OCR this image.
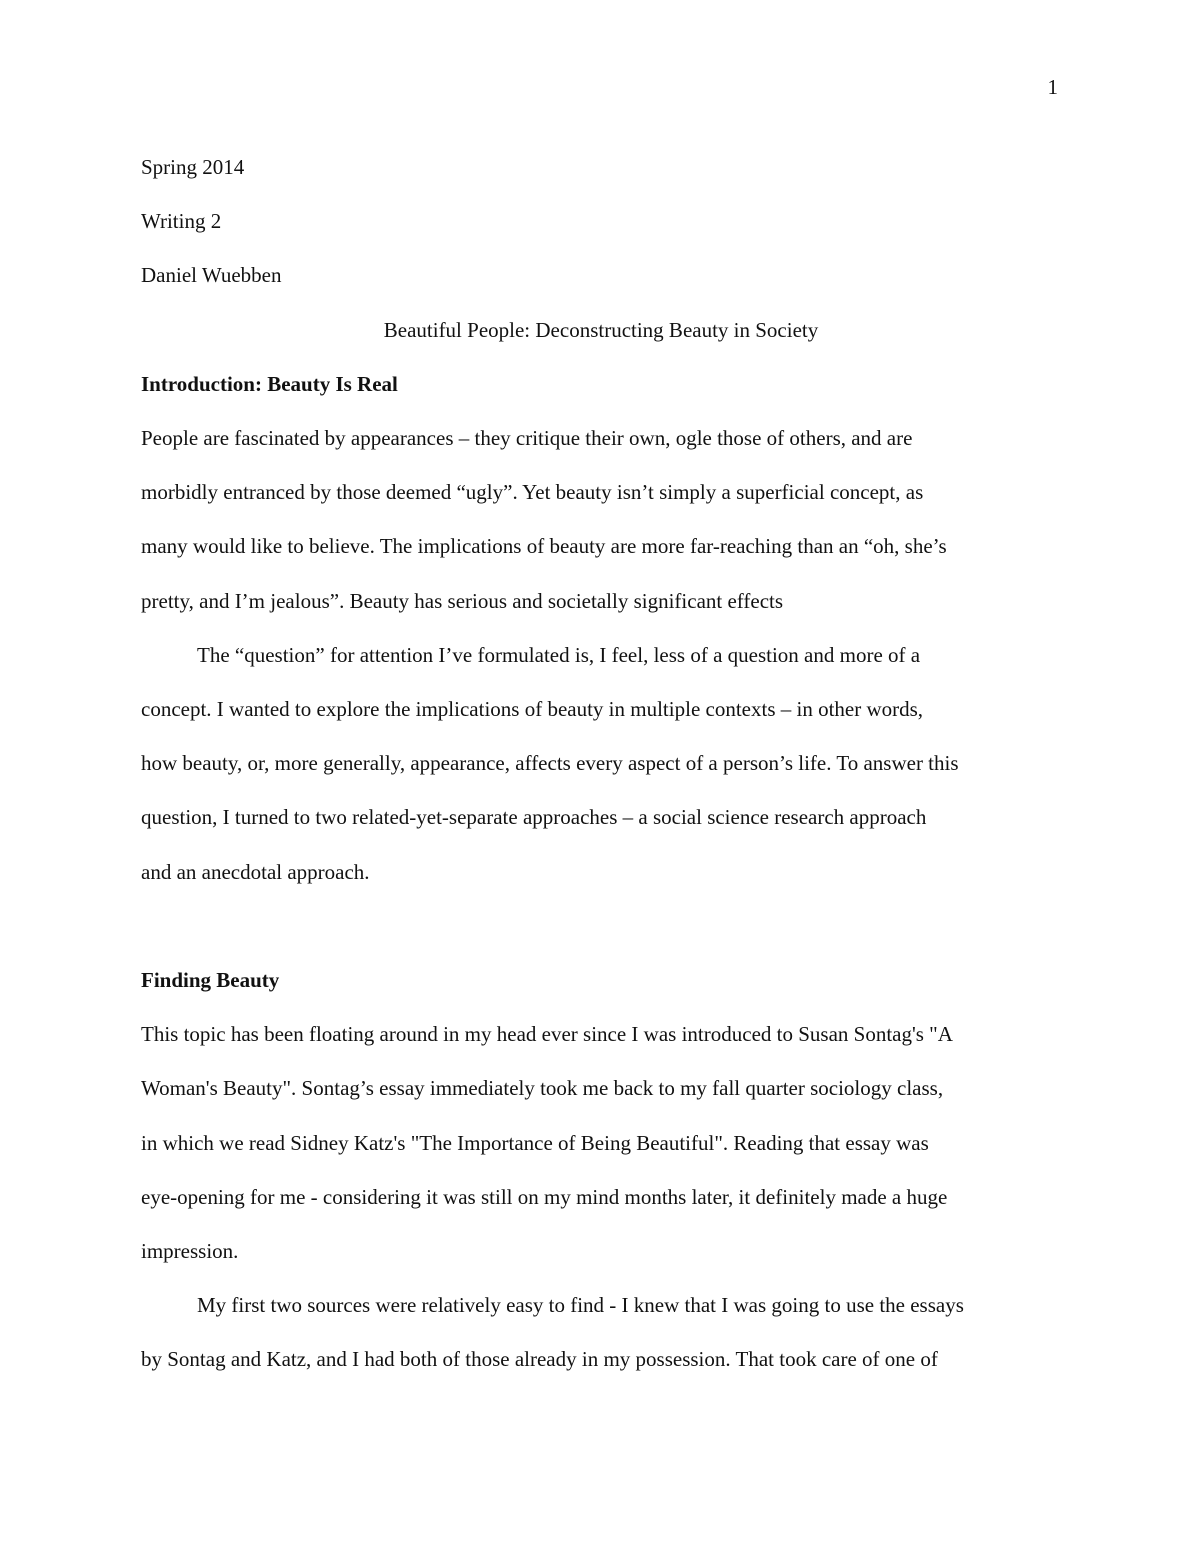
1
Spring 2014
Writing 2
Daniel Wuebben
Beautiful People: Deconstructing Beauty in Society
Introduction: Beauty Is Real
People are fascinated by appearances – they critique their own, ogle those of others, and are
morbidly entranced by those deemed “ugly”. Yet beauty isn’t simply a superficial concept, as
many would like to believe. The implications of beauty are more far-reaching than an “oh, she’s
pretty, and I’m jealous”. Beauty has serious and societally significant effects
The “question” for attention I’ve formulated is, I feel, less of a question and more of a
concept. I wanted to explore the implications of beauty in multiple contexts – in other words,
how beauty, or, more generally, appearance, affects every aspect of a person’s life. To answer this
question, I turned to two related-yet-separate approaches – a social science research approach
and an anecdotal approach.
Finding Beauty
This topic has been floating around in my head ever since I was introduced to Susan Sontag's "A
Woman's Beauty". Sontag’s essay immediately took me back to my fall quarter sociology class,
in which we read Sidney Katz's "The Importance of Being Beautiful". Reading that essay was
eye-opening for me - considering it was still on my mind months later, it definitely made a huge
impression.
My first two sources were relatively easy to find - I knew that I was going to use the essays
by Sontag and Katz, and I had both of those already in my possession. That took care of one of
